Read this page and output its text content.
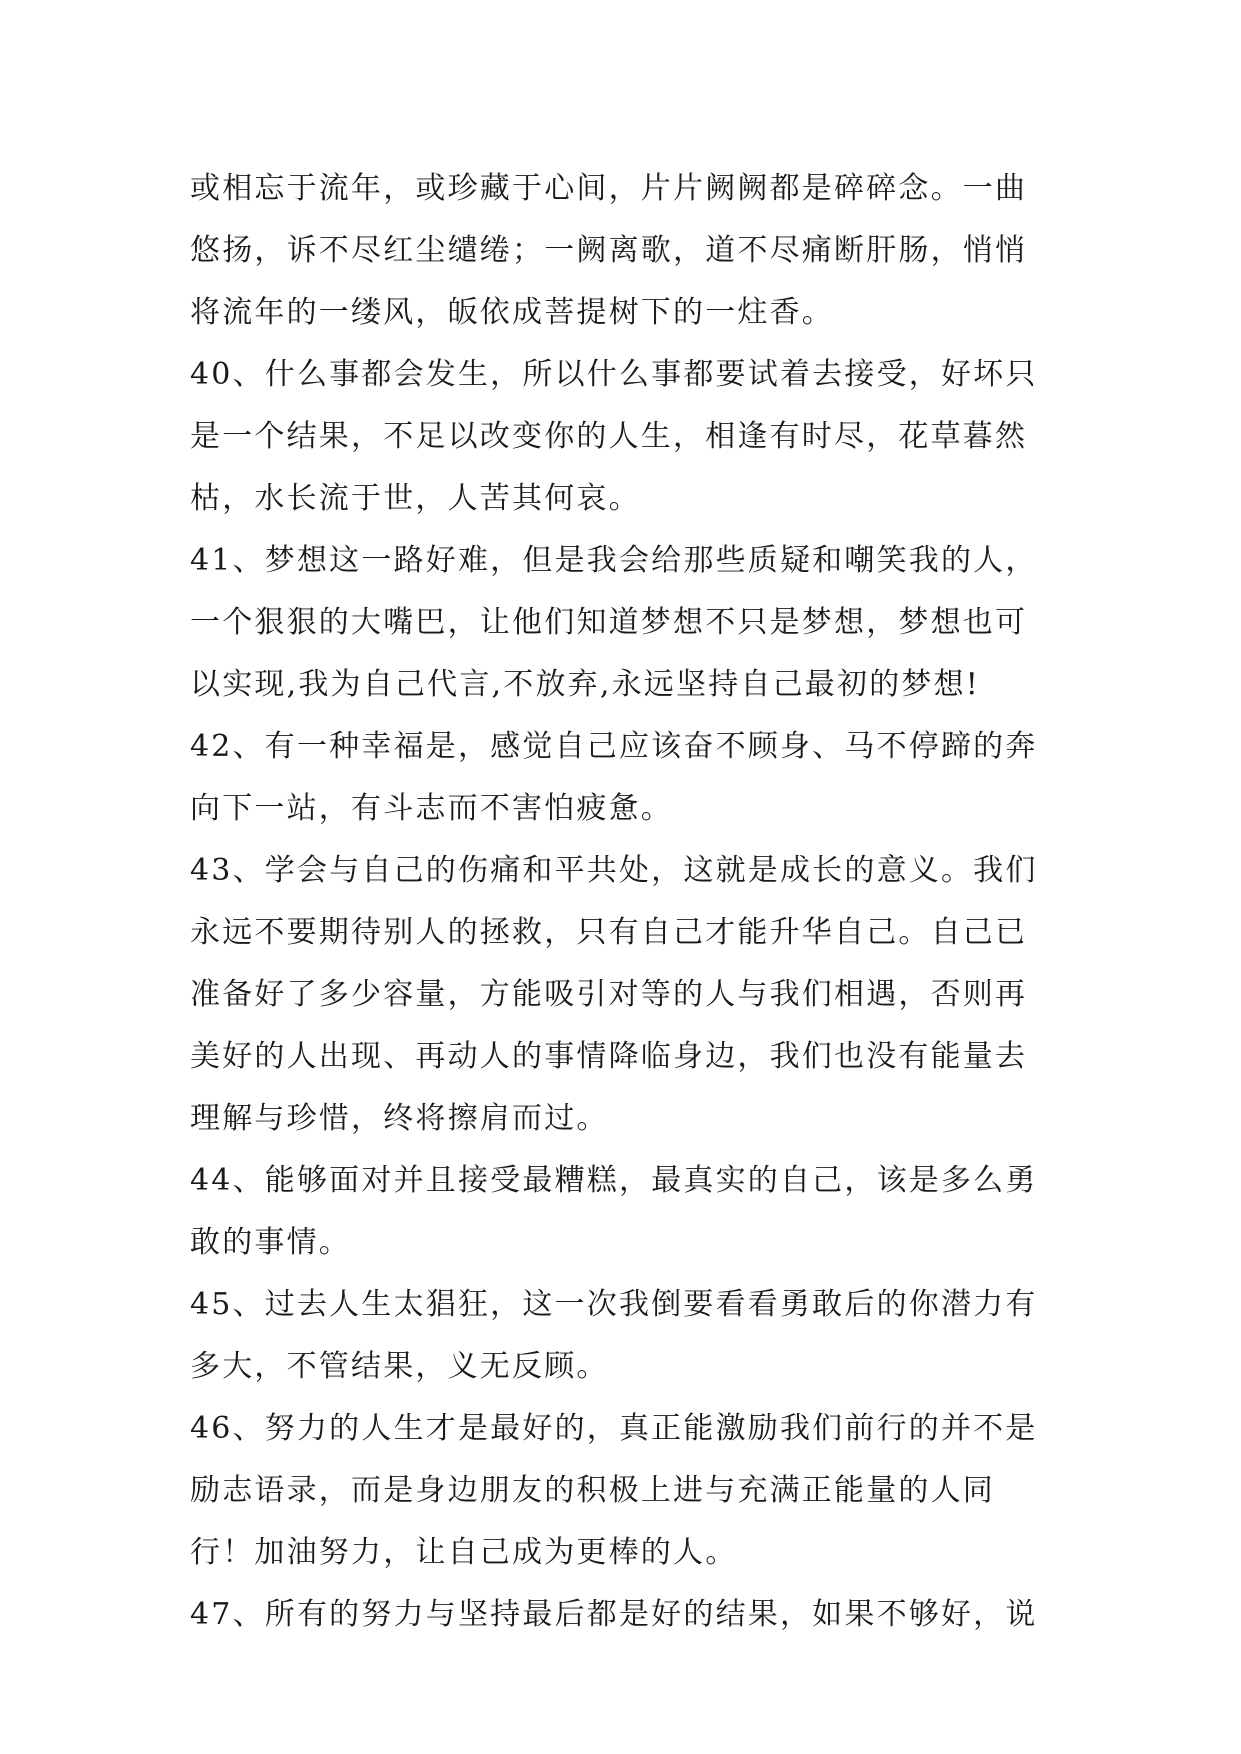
或相忘于流年，或珍藏于心间，片片阙阙都是碎碎念。一曲
悠扬，诉不尽红尘缱绻；一阙离歌，道不尽痛断肝肠，悄悄
将流年的一缕风，皈依成菩提树下的一炷香。
40、什么事都会发生，所以什么事都要试着去接受，好坏只
是一个结果，不足以改变你的人生，相逢有时尽，花草暮然
枯，水长流于世，人苦其何哀。
41、梦想这一路好难，但是我会给那些质疑和嘲笑我的人，
一个狠狠的大嘴巴，让他们知道梦想不只是梦想，梦想也可
以实现,我为自己代言,不放弃,永远坚持自己最初的梦想!
42、有一种幸福是，感觉自己应该奋不顾身、马不停蹄的奔
向下一站，有斗志而不害怕疲惫。
43、学会与自己的伤痛和平共处，这就是成长的意义。我们
永远不要期待别人的拯救，只有自己才能升华自己。自己已
准备好了多少容量，方能吸引对等的人与我们相遇，否则再
美好的人出现、再动人的事情降临身边，我们也没有能量去
理解与珍惜，终将擦肩而过。
44、能够面对并且接受最糟糕，最真实的自己，该是多么勇
敢的事情。
45、过去人生太猖狂，这一次我倒要看看勇敢后的你潜力有
多大，不管结果，义无反顾。
46、努力的人生才是最好的，真正能激励我们前行的并不是
励志语录，而是身边朋友的积极上进与充满正能量的人同
行！加油努力，让自己成为更棒的人。
47、所有的努力与坚持最后都是好的结果，如果不够好，说
